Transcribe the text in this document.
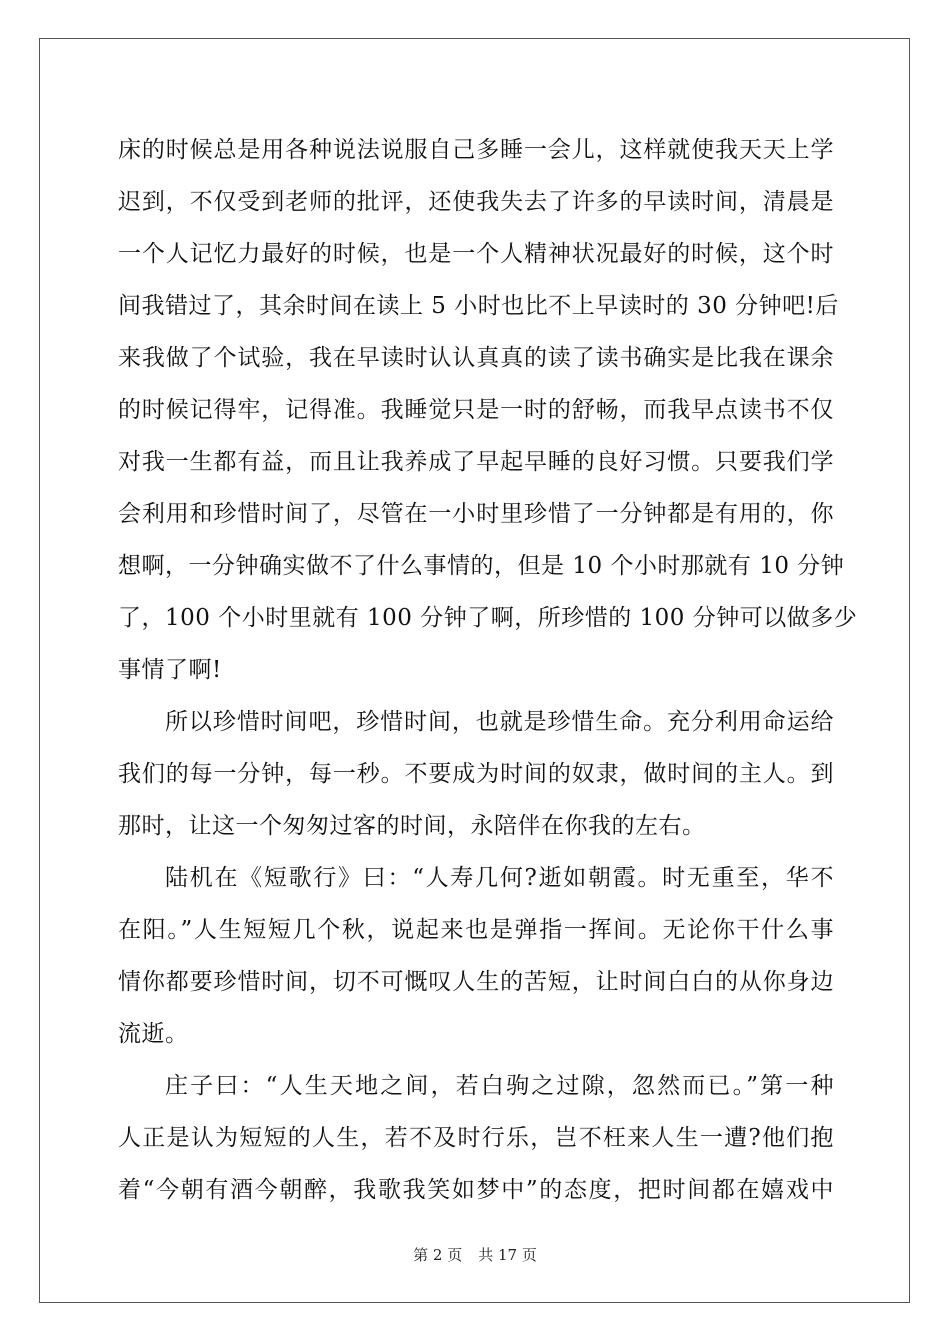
床的时候总是用各种说法说服自己多睡一会儿，这样就使我天天上学
迟到，不仅受到老师的批评，还使我失去了许多的早读时间，清晨是
一个人记忆力最好的时候，也是一个人精神状况最好的时候，这个时
间我错过了，其余时间在读上 5 小时也比不上早读时的 30 分钟吧!后
来我做了个试验，我在早读时认认真真的读了读书确实是比我在课余
的时候记得牢，记得准。我睡觉只是一时的舒畅，而我早点读书不仅
对我一生都有益，而且让我养成了早起早睡的良好习惯。只要我们学
会利用和珍惜时间了，尽管在一小时里珍惜了一分钟都是有用的，你
想啊，一分钟确实做不了什么事情的，但是 10 个小时那就有 10 分钟
了，100 个小时里就有 100 分钟了啊，所珍惜的 100 分钟可以做多少
事情了啊!
所以珍惜时间吧，珍惜时间，也就是珍惜生命。充分利用命运给
我们的每一分钟，每一秒。不要成为时间的奴隶，做时间的主人。到
那时，让这一个匆匆过客的时间，永陪伴在你我的左右。
陆机在《短歌行》曰：“人寿几何?逝如朝霞。时无重至，华不
在阳。”人生短短几个秋，说起来也是弹指一挥间。无论你干什么事
情你都要珍惜时间，切不可慨叹人生的苦短，让时间白白的从你身边
流逝。
庄子曰：“人生天地之间，若白驹之过隙，忽然而已。”第一种
人正是认为短短的人生，若不及时行乐，岂不枉来人生一遭?他们抱
着“今朝有酒今朝醉，我歌我笑如梦中”的态度，把时间都在嬉戏中
第 2 页 共 17 页
